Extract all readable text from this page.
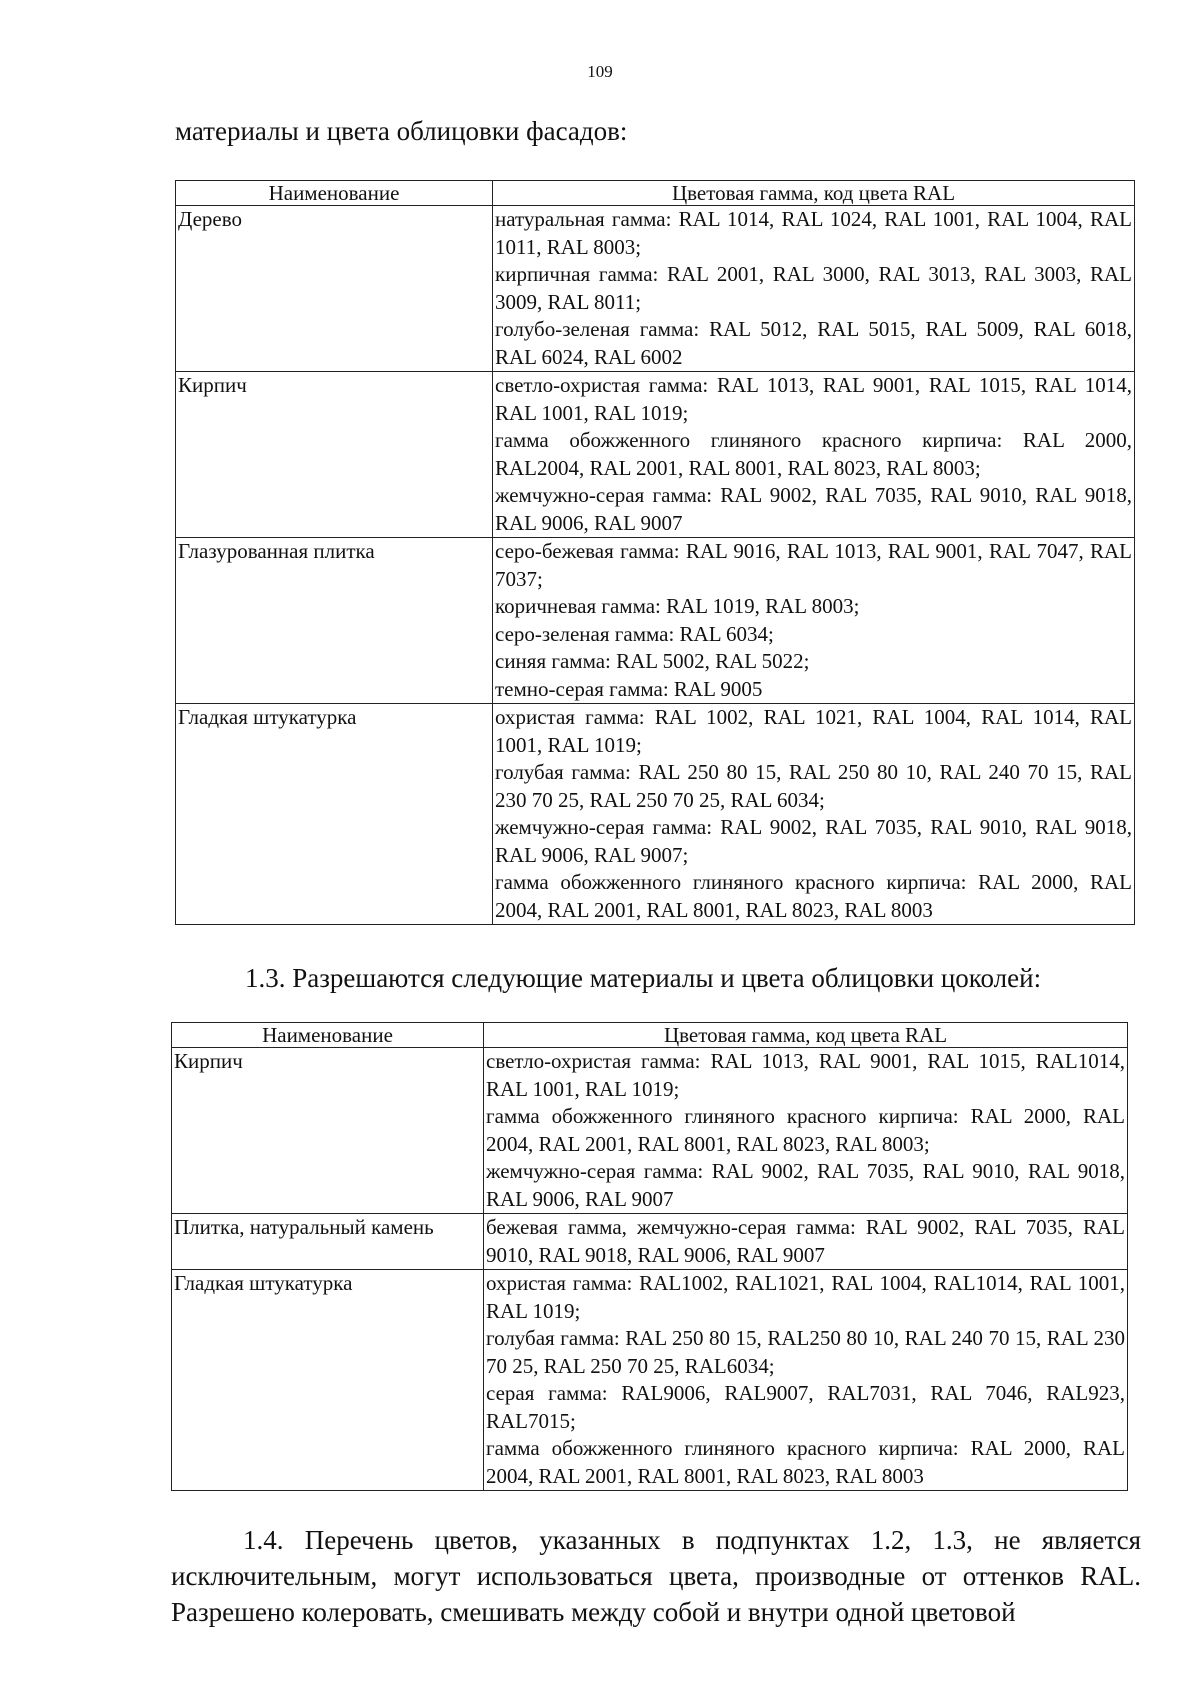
109

материалы и цвета облицовки фасадов:

Наименование	Цветовая гамма, код цвета RAL
Дерево	натуральная гамма: RAL 1014, RAL 1024, RAL 1001, RAL 1004, RAL 1011, RAL 8003;
кирпичная гамма: RAL 2001, RAL 3000, RAL 3013, RAL 3003, RAL 3009, RAL 8011;
голубо-зеленая гамма: RAL 5012, RAL 5015, RAL 5009, RAL 6018, RAL 6024, RAL 6002

Кирпич	светло-охристая гамма: RAL 1013, RAL 9001, RAL 1015, RAL 1014, RAL 1001, RAL 1019;
гамма обожженного глиняного красного кирпича: RAL 2000, RAL2004, RAL 2001, RAL 8001, RAL 8023, RAL 8003;
жемчужно-серая гамма: RAL 9002, RAL 7035, RAL 9010, RAL 9018, RAL 9006, RAL 9007

Глазурованная плитка	серо-бежевая гамма: RAL 9016, RAL 1013, RAL 9001, RAL 7047, RAL 7037;
коричневая гамма: RAL 1019, RAL 8003;
серо-зеленая гамма: RAL 6034;
синяя гамма: RAL 5002, RAL 5022;
темно-серая гамма: RAL 9005

Гладкая штукатурка	охристая гамма: RAL 1002, RAL 1021, RAL 1004, RAL 1014, RAL 1001, RAL 1019;
голубая гамма: RAL 250 80 15, RAL 250 80 10, RAL 240 70 15, RAL 230 70 25, RAL 250 70 25, RAL 6034;
жемчужно-серая гамма: RAL 9002, RAL 7035, RAL 9010, RAL 9018, RAL 9006, RAL 9007;
гамма обожженного глиняного красного кирпича: RAL 2000, RAL 2004, RAL 2001, RAL 8001, RAL 8023, RAL 8003

1.3. Разрешаются следующие материалы и цвета облицовки цоколей:

Наименование	Цветовая гамма, код цвета RAL
Кирпич	светло-охристая гамма: RAL 1013, RAL 9001, RAL 1015, RAL1014, RAL 1001, RAL 1019;
гамма обожженного глиняного красного кирпича: RAL 2000, RAL 2004, RAL 2001, RAL 8001, RAL 8023, RAL 8003;
жемчужно-серая гамма: RAL 9002, RAL 7035, RAL 9010, RAL 9018, RAL 9006, RAL 9007

Плитка, натуральный камень	бежевая гамма, жемчужно-серая гамма: RAL 9002, RAL 7035, RAL 9010, RAL 9018, RAL 9006, RAL 9007

Гладкая штукатурка	охристая гамма: RAL1002, RAL1021, RAL 1004, RAL1014, RAL 1001, RAL 1019;
голубая гамма: RAL 250 80 15, RAL250 80 10, RAL 240 70 15, RAL 230 70 25, RAL 250 70 25, RAL6034;
серая гамма: RAL9006, RAL9007, RAL7031, RAL 7046, RAL923, RAL7015;
гамма обожженного глиняного красного кирпича: RAL 2000, RAL 2004, RAL 2001, RAL 8001, RAL 8023, RAL 8003

1.4. Перечень цветов, указанных в подпунктах 1.2, 1.3, не является исключительным, могут использоваться цвета, производные от оттенков RAL. Разрешено колеровать, смешивать между собой и внутри одной цветовой
